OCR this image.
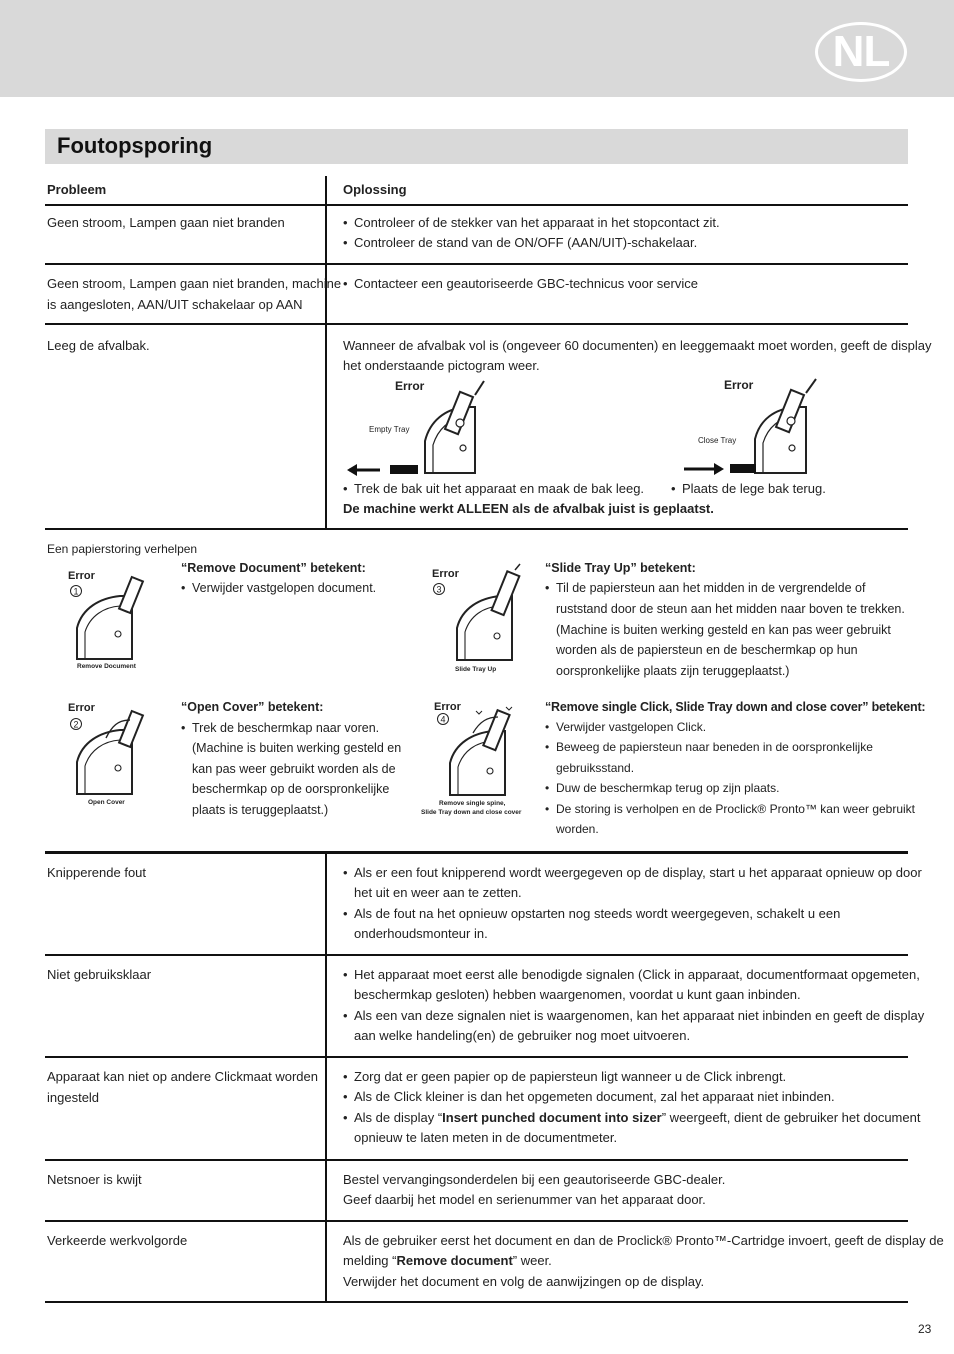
NL
Foutopsporing
Probleem	Oplossing
Geen stroom, Lampen gaan niet branden	• Controleer of de stekker van het apparaat in het stopcontact zit.
• Controleer de stand van de ON/OFF (AAN/UIT)-schakelaar.
Geen stroom, Lampen gaan niet branden, machine
is aangesloten, AAN/UIT schakelaar op AAN
• Contacteer een geautoriseerde GBC-technicus voor service
Leeg de afvalbak.	Wanneer de afvalbak vol is (ongeveer 60 documenten) en leeggemaakt moet worden, geeft de display
het onderstaande pictogram weer.
Error
Empty Tray
Error
Close Tray
• Trek de bak uit het apparaat en maak de bak leeg.	• Plaats de lege bak terug.
De machine werkt ALLEEN als de afvalbak juist is geplaatst.
Een papierstoring verhelpen
Error
1
Remove Document
“Remove Document” betekent:
• Verwijder vastgelopen document.
Error
3
Slide Tray Up
“Slide Tray Up” betekent:
• Til de papiersteun aan het midden in de vergrendelde of
ruststand door de steun aan het midden naar boven te trekken.
(Machine is buiten werking gesteld en kan pas weer gebruikt
worden als de papiersteun en de beschermkap op hun
oorspronkelijke plaats zijn teruggeplaatst.)
Error
2
Open Cover
“Open Cover” betekent:
• Trek de beschermkap naar voren.
(Machine is buiten werking gesteld en
kan pas weer gebruikt worden als de
beschermkap op de oorspronkelijke
plaats is teruggeplaatst.)
Error
4
Remove single spine,
Slide Tray down and close cover
“Remove single Click, Slide Tray down and close cover” betekent:
• Verwijder vastgelopen Click.
• Beweeg de papiersteun naar beneden in de oorspronkelijke
gebruiksstand.
• Duw de beschermkap terug op zijn plaats.
• De storing is verholpen en de Proclick® Pronto™ kan weer gebruikt
worden.
Knipperende fout	• Als er een fout knipperend wordt weergegeven op de display, start u het apparaat opnieuw op door
het uit en weer aan te zetten.
• Als de fout na het opnieuw opstarten nog steeds wordt weergegeven, schakelt u een
onderhoudsmonteur in.
Niet gebruiksklaar	• Het apparaat moet eerst alle benodigde signalen (Click in apparaat, documentformaat opgemeten,
beschermkap gesloten) hebben waargenomen, voordat u kunt gaan inbinden.
• Als een van deze signalen niet is waargenomen, kan het apparaat niet inbinden en geeft de display
aan welke handeling(en) de gebruiker nog moet uitvoeren.
Apparaat kan niet op andere Clickmaat worden
ingesteld
• Zorg dat er geen papier op de papiersteun ligt wanneer u de Click inbrengt.
• Als de Click kleiner is dan het opgemeten document, zal het apparaat niet inbinden.
• Als de display “Insert punched document into sizer” weergeeft, dient de gebruiker het document
opnieuw te laten meten in de documentmeter.
Netsnoer is kwijt	Bestel vervangingsonderdelen bij een geautoriseerde GBC-dealer.
Geef daarbij het model en serienummer van het apparaat door.
Verkeerde werkvolgorde	Als de gebruiker eerst het document en dan de Proclick® Pronto™-Cartridge invoert, geeft de display de
melding “Remove document” weer.
Verwijder het document en volg de aanwijzingen op de display.
23
